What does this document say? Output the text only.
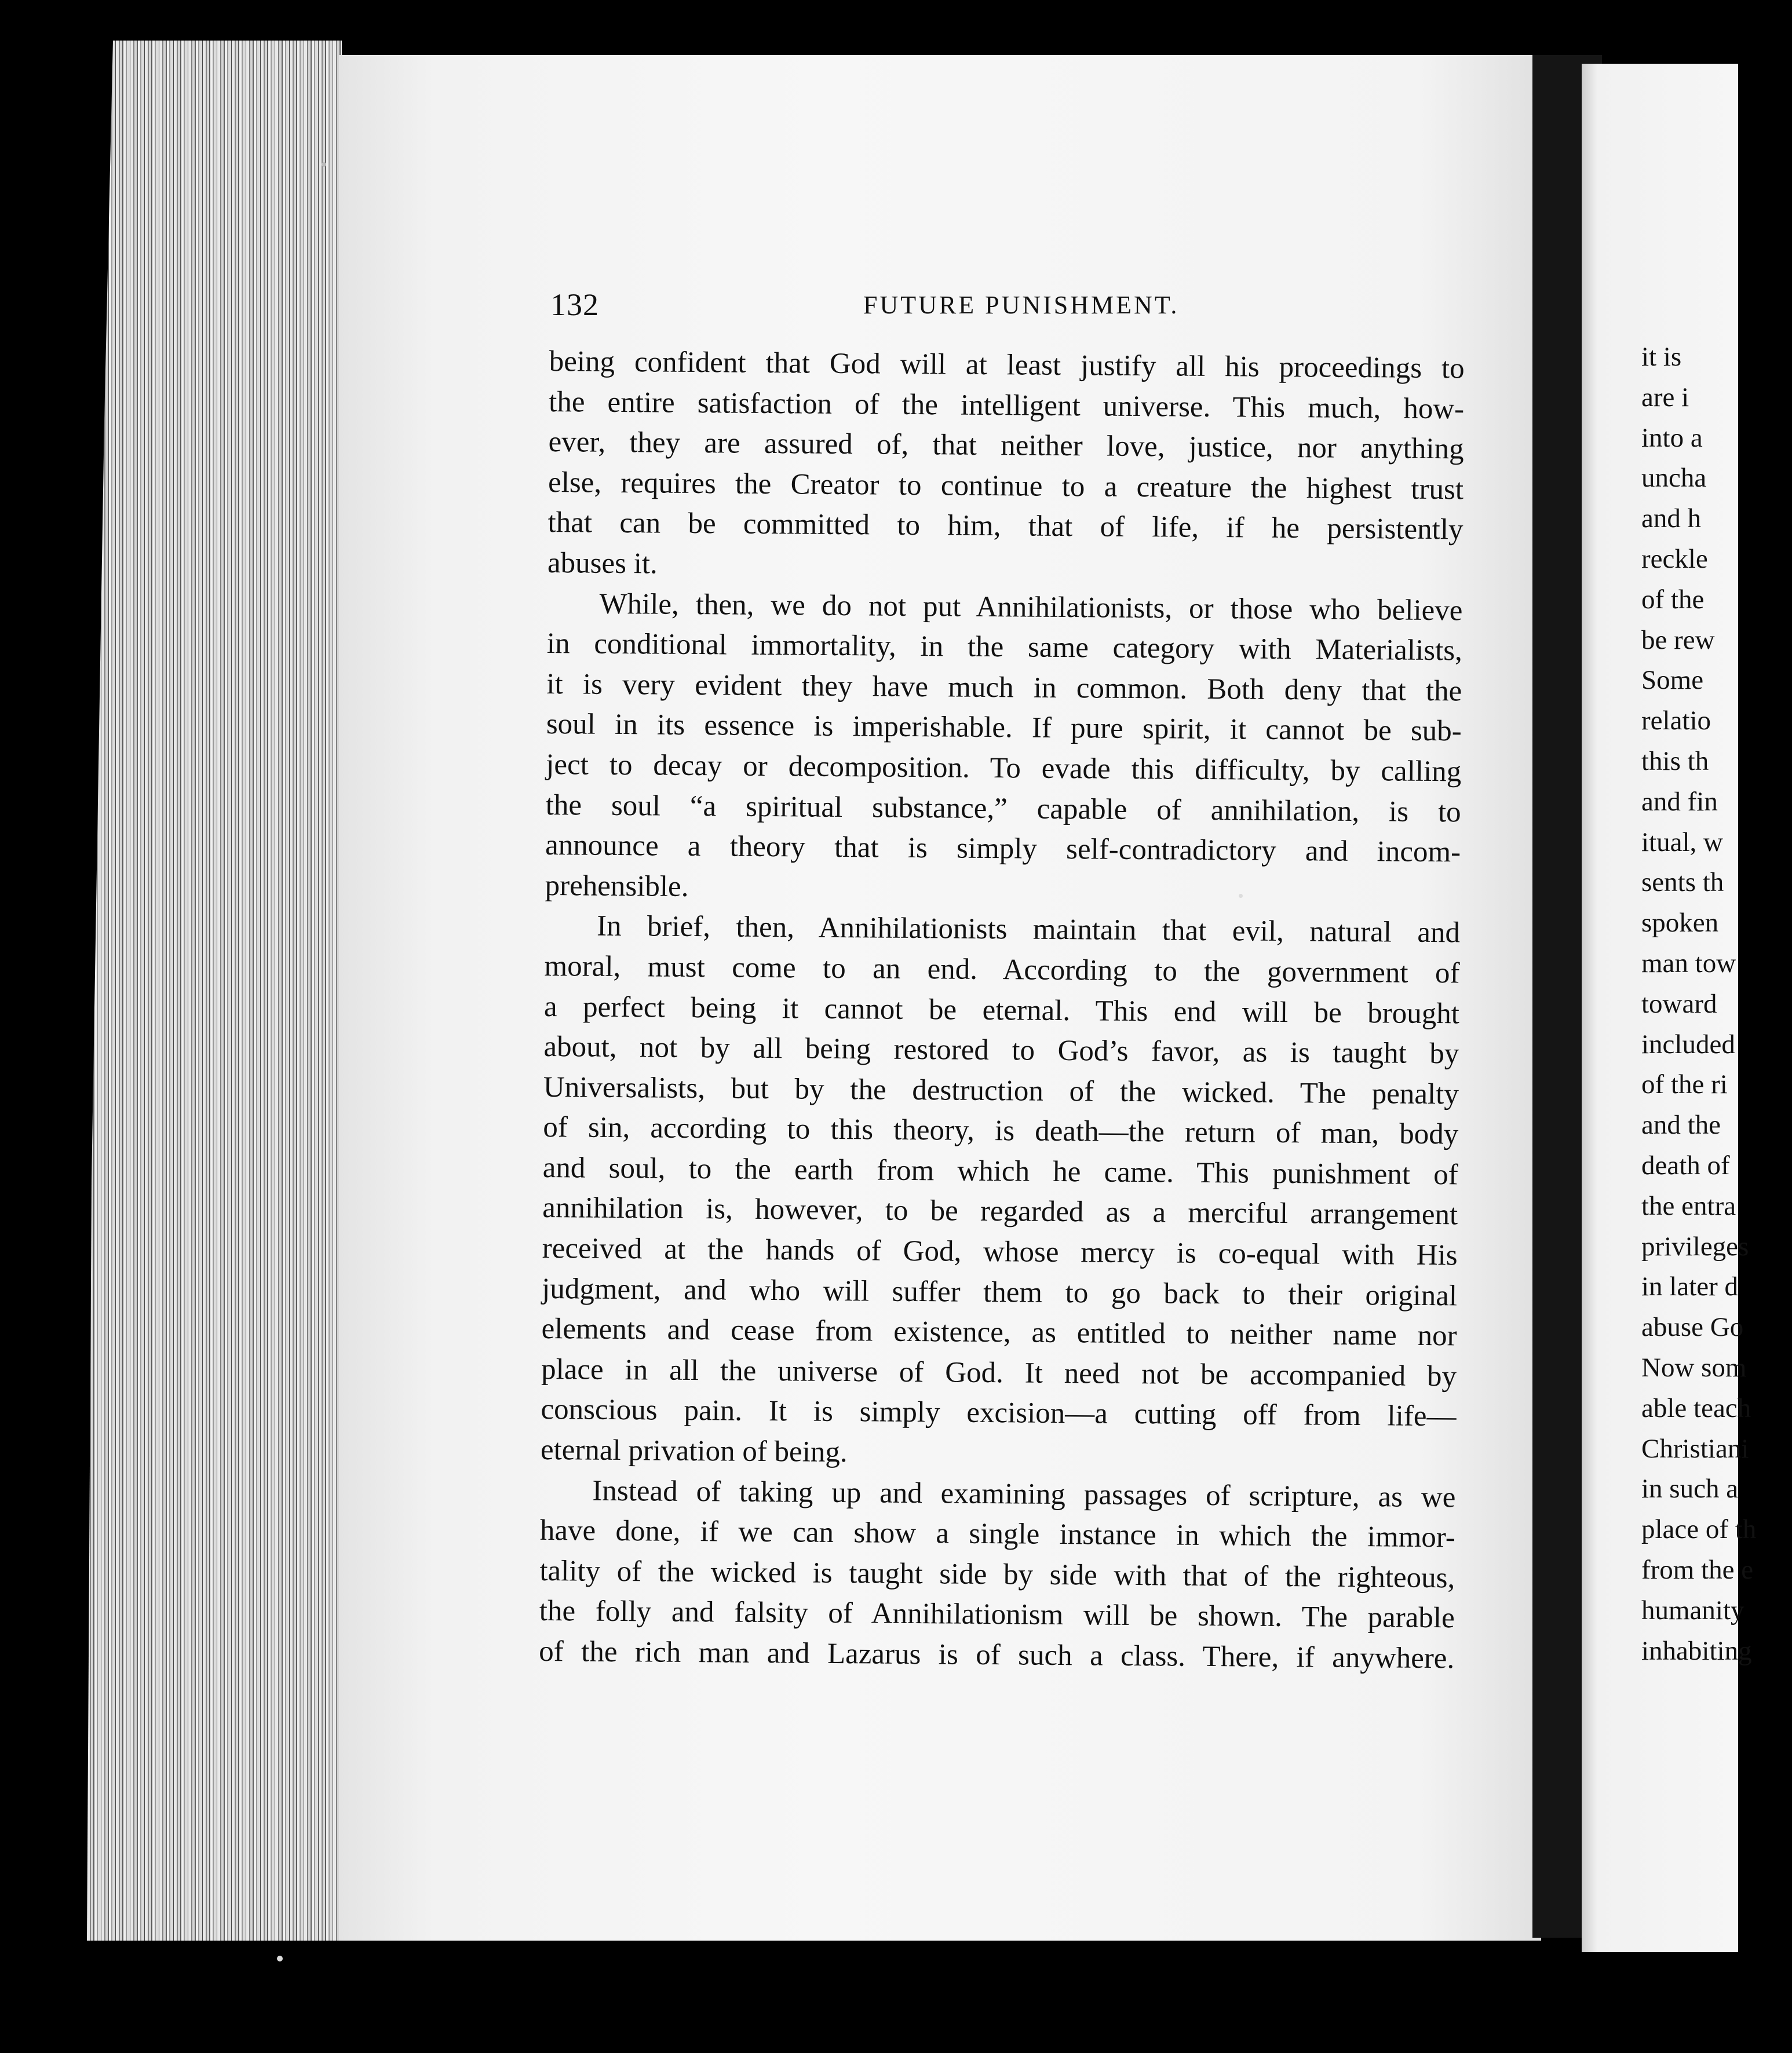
132	FUTURE PUNISHMENT.
being confident that God will at least justify all his proceedings to
the entire satisfaction of the intelligent universe. This much, how-
ever, they are assured of, that neither love, justice, nor anything
else, requires the Creator to continue to a creature the highest trust
that can be committed to him, that of life, if he persistently
abuses it.
While, then, we do not put Annihilationists, or those who believe
in conditional immortality, in the same category with Materialists,
it is very evident they have much in common. Both deny that the
soul in its essence is imperishable. If pure spirit, it cannot be sub-
ject to decay or decomposition. To evade this difficulty, by calling
the soul “a spiritual substance,” capable of annihilation, is to
announce a theory that is simply self-contradictory and incom-
prehensible.
In brief, then, Annihilationists maintain that evil, natural and
moral, must come to an end. According to the government of
a perfect being it cannot be eternal. This end will be brought
about, not by all being restored to God’s favor, as is taught by
Universalists, but by the destruction of the wicked. The penalty
of sin, according to this theory, is death—the return of man, body
and soul, to the earth from which he came. This punishment of
annihilation is, however, to be regarded as a merciful arrangement
received at the hands of God, whose mercy is co-equal with His
judgment, and who will suffer them to go back to their original
elements and cease from existence, as entitled to neither name nor
place in all the universe of God. It need not be accompanied by
conscious pain. It is simply excision—a cutting off from life—
eternal privation of being.
Instead of taking up and examining passages of scripture, as we
have done, if we can show a single instance in which the immor-
tality of the wicked is taught side by side with that of the righteous,
the folly and falsity of Annihilationism will be shown. The parable
of the rich man and Lazarus is of such a class. There, if anywhere.
it is
are i
into a
uncha
and h
reckle
of the
be rew
Some
relatio
this th
and fin
itual, w
sents th
spoken
man tow
toward
included
of the ri
and the
death of
the entra
privileges
in later d
abuse Go
Now som
able teach
Christiani
in such a
place of th
from the e
humanity
inhabiting
